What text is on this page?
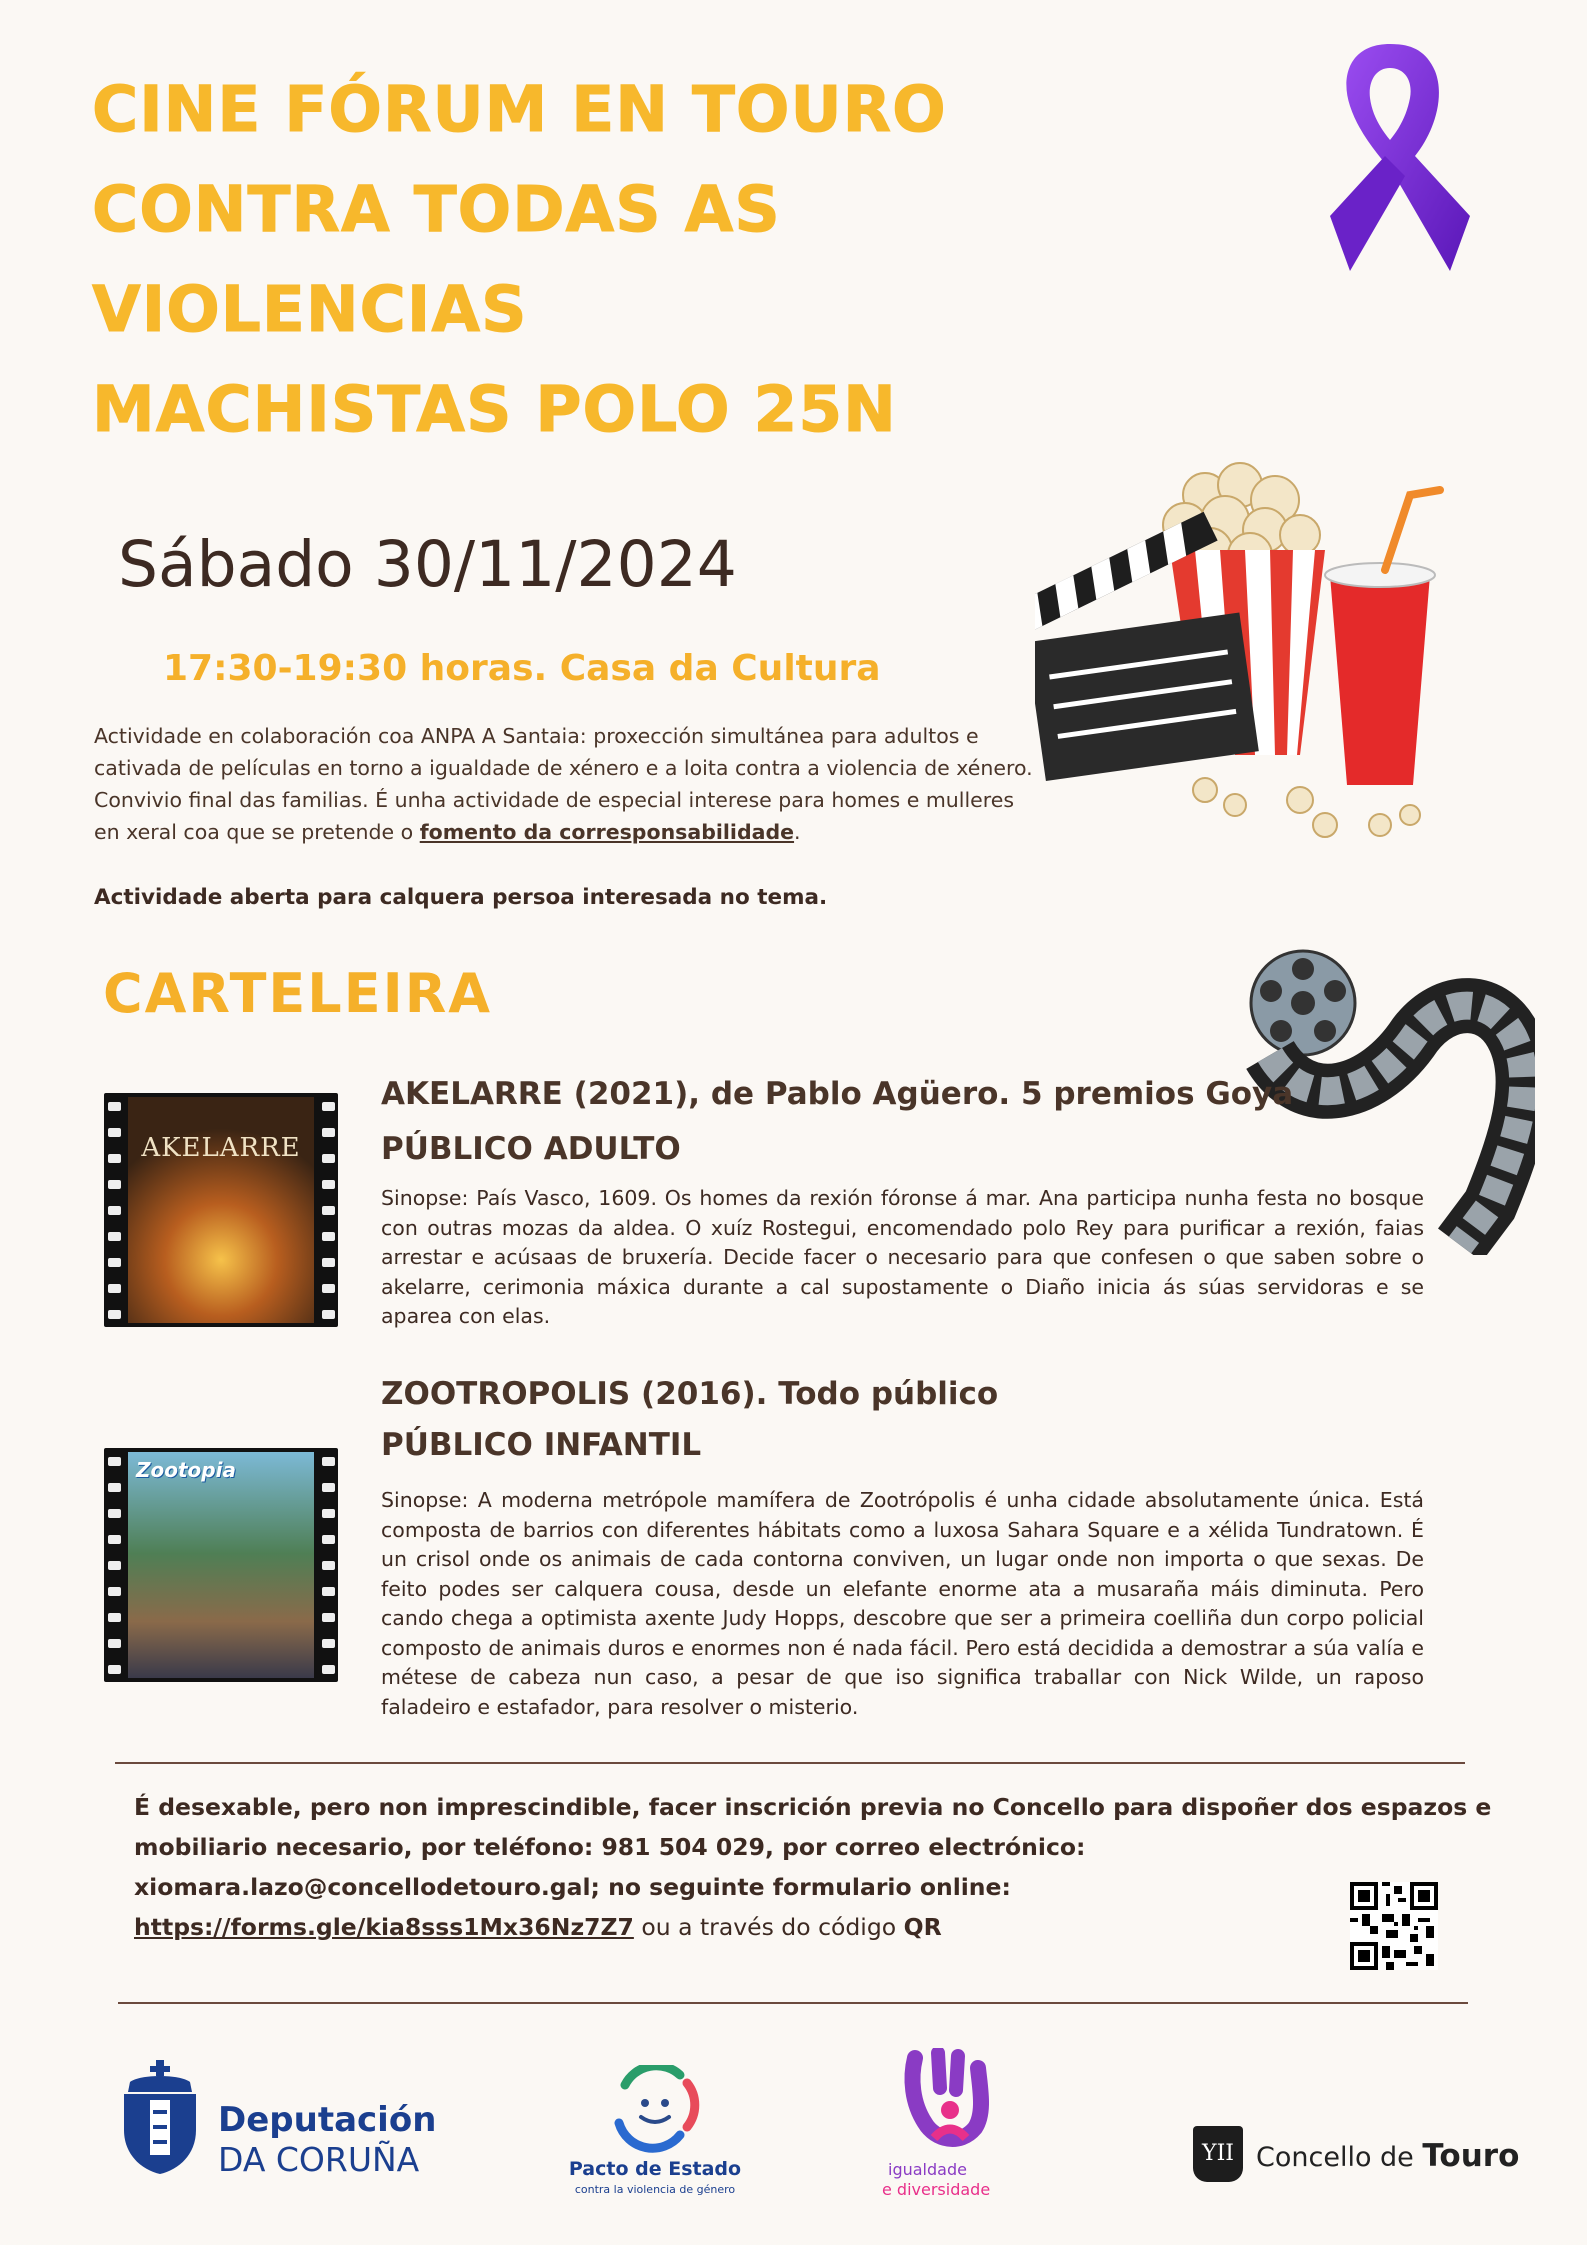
CINE FÓRUM EN TOURO
CONTRA TODAS AS
VIOLENCIAS
MACHISTAS POLO 25N
Sábado 30/11/2024
17:30-19:30 horas. Casa da Cultura
Actividade en colaboración coa ANPA A Santaia: proxección simultánea para adultos e cativada de películas en torno a igualdade de xénero e a loita contra a violencia de xénero. Convivio final das familias. É unha actividade de especial interese para homes e mulleres en xeral coa que se pretende o fomento da corresponsabilidade.
Actividade aberta para calquera persoa interesada no tema.
CARTELEIRA
AKELARRE
AKELARRE (2021), de Pablo Agüero. 5 premios Goya
PÚBLICO ADULTO
Sinopse: País Vasco, 1609. Os homes da rexión fóronse á mar. Ana participa nunha festa no bosque con outras mozas da aldea. O xuíz Rostegui, encomendado polo Rey para purificar a rexión, faias arrestar e acúsaas de bruxería. Decide facer o necesario para que confesen o que saben sobre o akelarre, cerimonia máxica durante a cal supostamente o Diaño inicia ás súas servidoras e se aparea con elas.
Zootopia
ZOOTROPOLIS (2016). Todo público
PÚBLICO INFANTIL
Sinopse: A moderna metrópole mamífera de Zootrópolis é unha cidade absolutamente única. Está composta de barrios con diferentes hábitats como a luxosa Sahara Square e a xélida Tundratown. É un crisol onde os animais de cada contorna conviven, un lugar onde non importa o que sexas. De feito podes ser calquera cousa, desde un elefante enorme ata a musaraña máis diminuta. Pero cando chega a optimista axente Judy Hopps, descobre que ser a primeira coelliña dun corpo policial composto de animais duros e enormes non é nada fácil. Pero está decidida a demostrar a súa valía e métese de cabeza nun caso, a pesar de que iso significa traballar con Nick Wilde, un raposo faladeiro e estafador, para resolver o misterio.
É desexable, pero non imprescindible, facer inscrición previa no Concello para dispoñer dos espazos e mobiliario necesario, por teléfono: 981 504 029, por correo electrónico: xiomara.lazo@concellodetouro.gal; no seguinte formulario online: https://forms.gle/kia8sss1Mx36Nz7Z7 ou a través do código QR
Deputación
DA CORUÑA	Pacto de Estado
contra la violencia de género
igualdade
e diversidade
YII Concello de Touro
